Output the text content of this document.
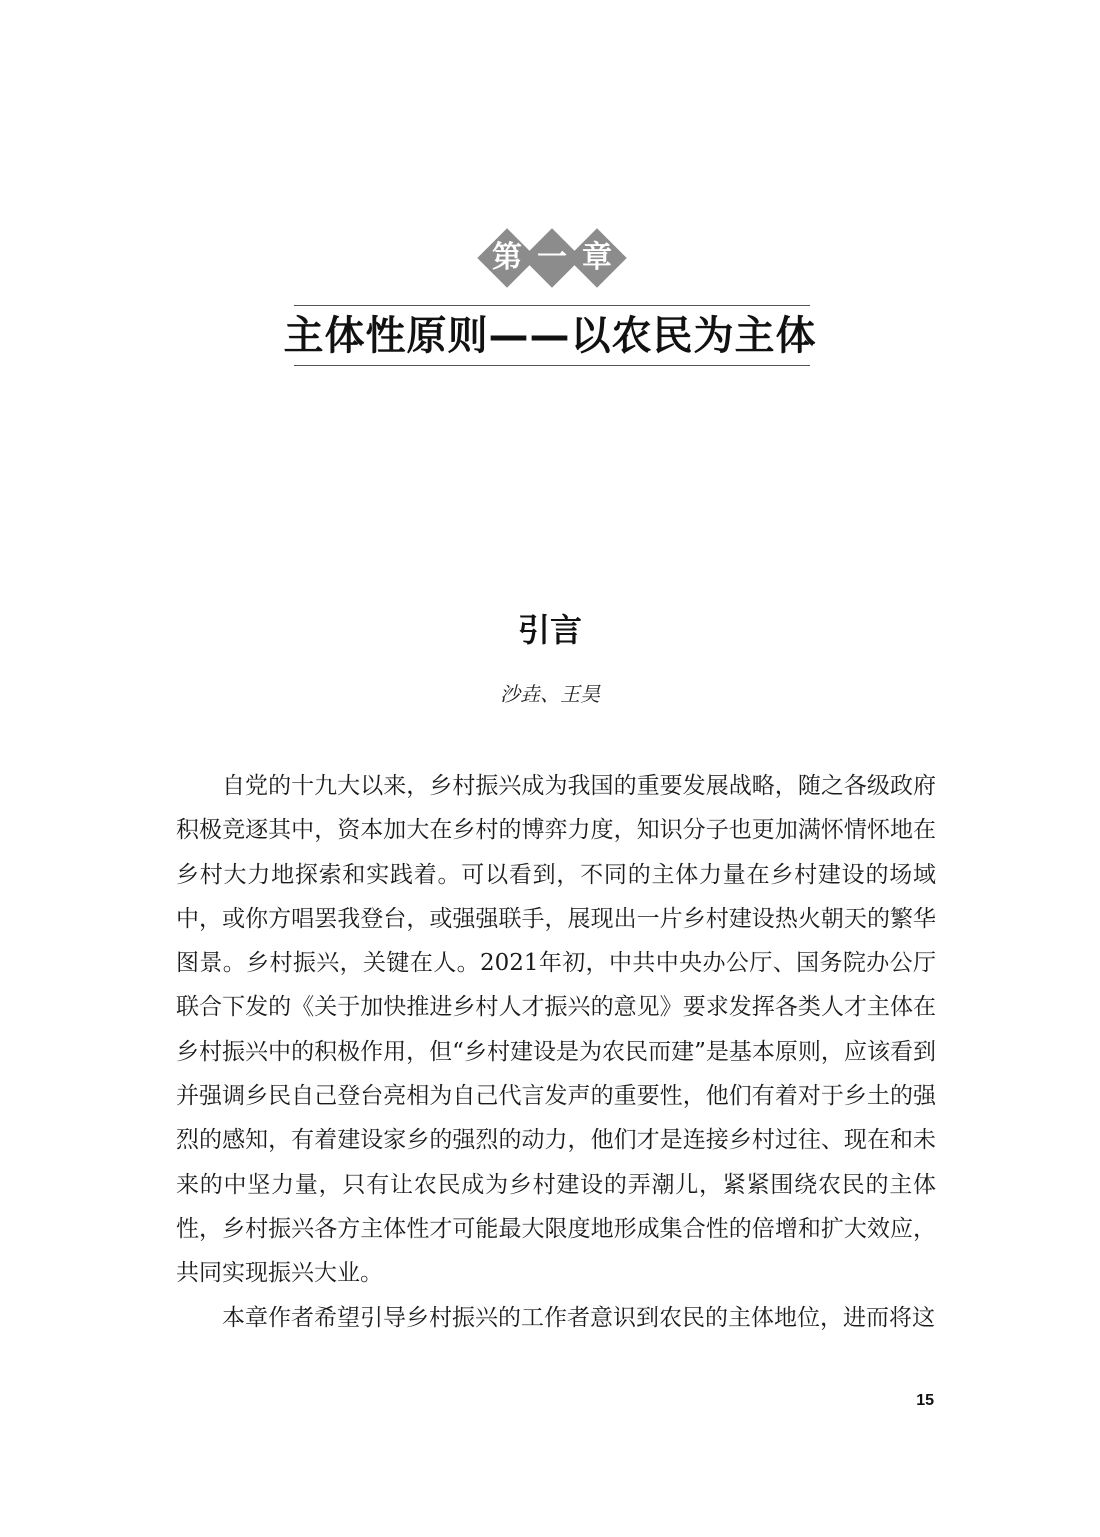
第 一 章
主体性原则——以农民为主体
引言
沙垚、王昊

自党的十九大以来，乡村振兴成为我国的重要发展战略，随之各级政府积极竞逐其中，资本加大在乡村的博弈力度，知识分子也更加满怀情怀地在乡村大力地探索和实践着。可以看到，不同的主体力量在乡村建设的场域中，或你方唱罢我登台，或强强联手，展现出一片乡村建设热火朝天的繁华图景。乡村振兴，关键在人。2021年初，中共中央办公厅、国务院办公厅联合下发的《关于加快推进乡村人才振兴的意见》要求发挥各类人才主体在乡村振兴中的积极作用，但“乡村建设是为农民而建”是基本原则，应该看到并强调乡民自己登台亮相为自己代言发声的重要性，他们有着对于乡土的强烈的感知，有着建设家乡的强烈的动力，他们才是连接乡村过往、现在和未来的中坚力量，只有让农民成为乡村建设的弄潮儿，紧紧围绕农民的主体性，乡村振兴各方主体性才可能最大限度地形成集合性的倍增和扩大效应，共同实现振兴大业。

本章作者希望引导乡村振兴的工作者意识到农民的主体地位，进而将这

15
